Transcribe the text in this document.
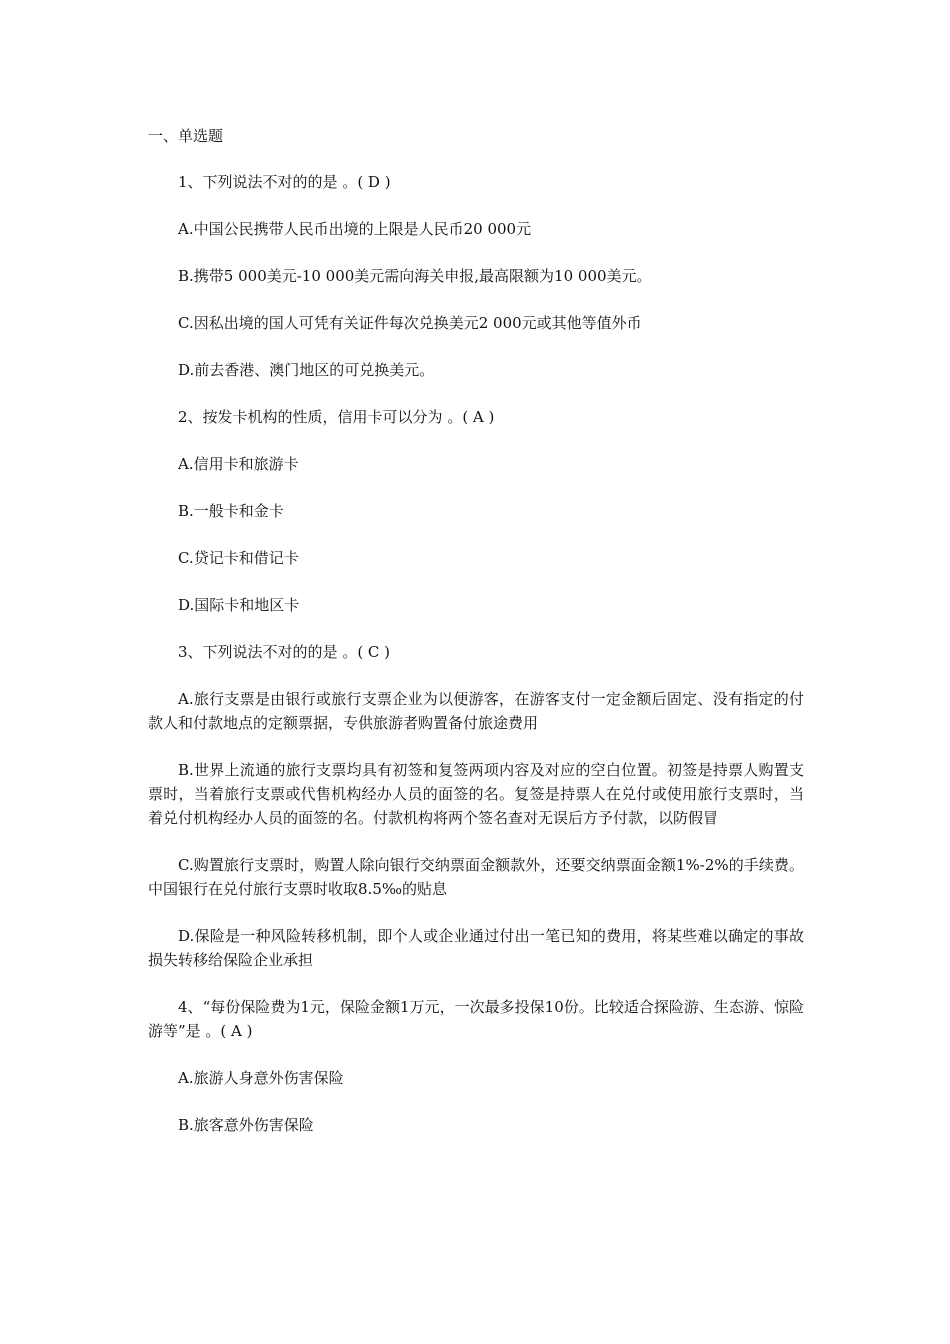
一、单选题

1、下列说法不对的的是 。( D )

A.中国公民携带人民币出境的上限是人民币20 000元

B.携带5 000美元-10 000美元需向海关申报,最高限额为10 000美元。

C.因私出境的国人可凭有关证件每次兑换美元2 000元或其他等值外币

D.前去香港、澳门地区的可兑换美元。

2、按发卡机构的性质，信用卡可以分为 。( A )

A.信用卡和旅游卡

B.一般卡和金卡

C.贷记卡和借记卡

D.国际卡和地区卡

3、下列说法不对的的是 。( C )

A.旅行支票是由银行或旅行支票企业为以便游客，在游客支付一定金额后固定、没有指定的付款人和付款地点的定额票据，专供旅游者购置备付旅途费用

B.世界上流通的旅行支票均具有初签和复签两项内容及对应的空白位置。初签是持票人购置支票时，当着旅行支票或代售机构经办人员的面签的名。复签是持票人在兑付或使用旅行支票时，当着兑付机构经办人员的面签的名。付款机构将两个签名查对无误后方予付款，以防假冒

C.购置旅行支票时，购置人除向银行交纳票面金额款外，还要交纳票面金额1%-2%的手续费。中国银行在兑付旅行支票时收取8.5‰的贴息

D.保险是一种风险转移机制，即个人或企业通过付出一笔已知的费用，将某些难以确定的事故损失转移给保险企业承担

4、“每份保险费为1元，保险金额1万元，一次最多投保10份。比较适合探险游、生态游、惊险游等”是 。( A )

A.旅游人身意外伤害保险

B.旅客意外伤害保险
